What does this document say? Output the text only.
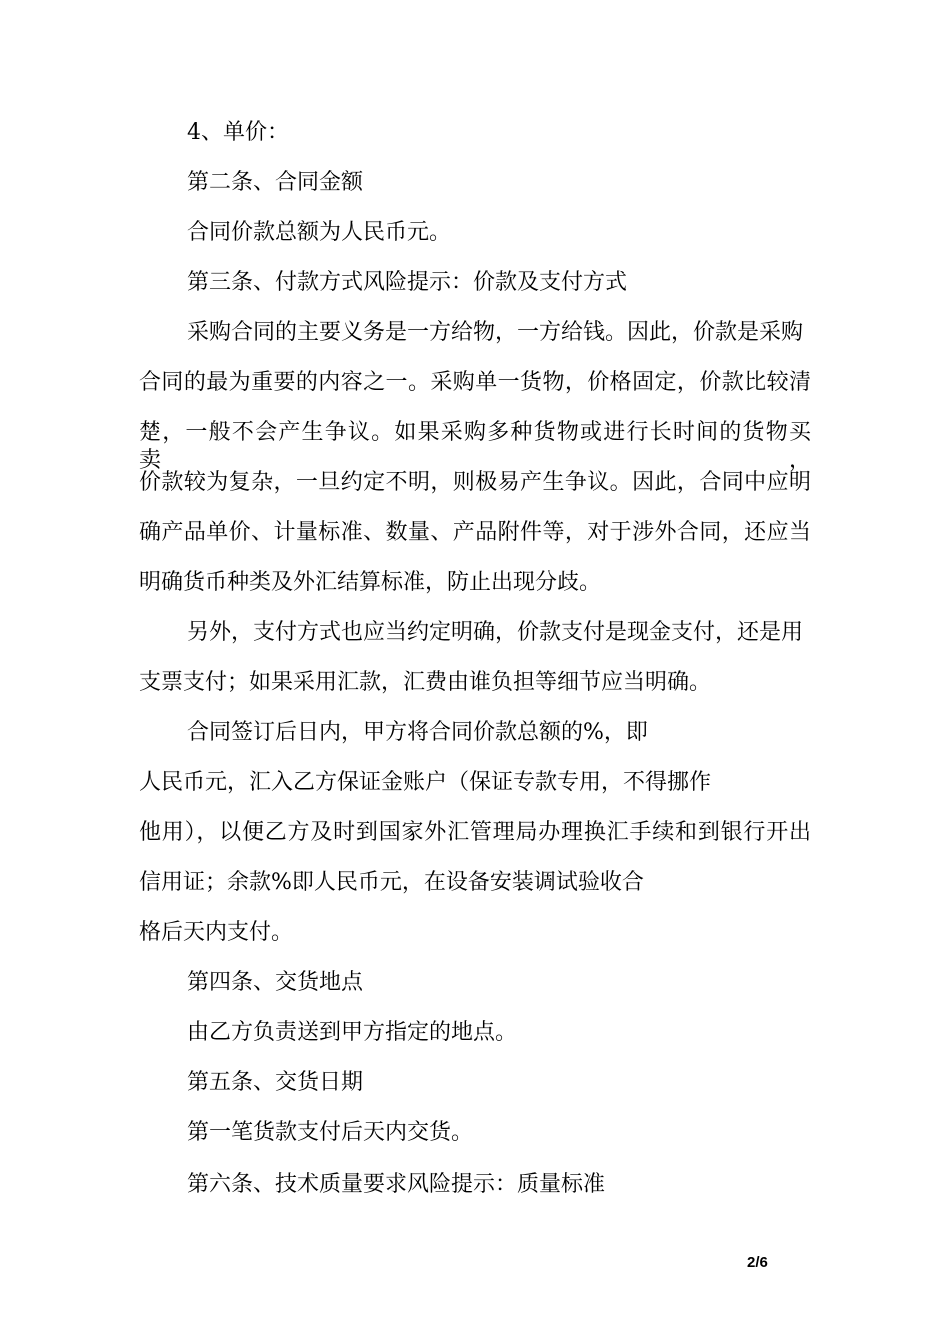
4、单价：

第二条、合同金额

合同价款总额为人民币元。

第三条、付款方式风险提示：价款及支付方式

采购合同的主要义务是一方给物，一方给钱。因此，价款是采购

合同的最为重要的内容之一。采购单一货物，价格固定，价款比较清

楚，一般不会产生争议。如果采购多种货物或进行长时间的货物买卖，

价款较为复杂，一旦约定不明，则极易产生争议。因此，合同中应明

确产品单价、计量标准、数量、产品附件等，对于涉外合同，还应当

明确货币种类及外汇结算标准，防止出现分歧。

另外，支付方式也应当约定明确，价款支付是现金支付，还是用

支票支付；如果采用汇款，汇费由谁负担等细节应当明确。

合同签订后日内，甲方将合同价款总额的%，即

人民币元，汇入乙方保证金账户（保证专款专用，不得挪作

他用），以便乙方及时到国家外汇管理局办理换汇手续和到银行开出

信用证；余款%即人民币元，在设备安装调试验收合

格后天内支付。

第四条、交货地点

由乙方负责送到甲方指定的地点。

第五条、交货日期

第一笔货款支付后天内交货。

第六条、技术质量要求风险提示：质量标准

2/6
